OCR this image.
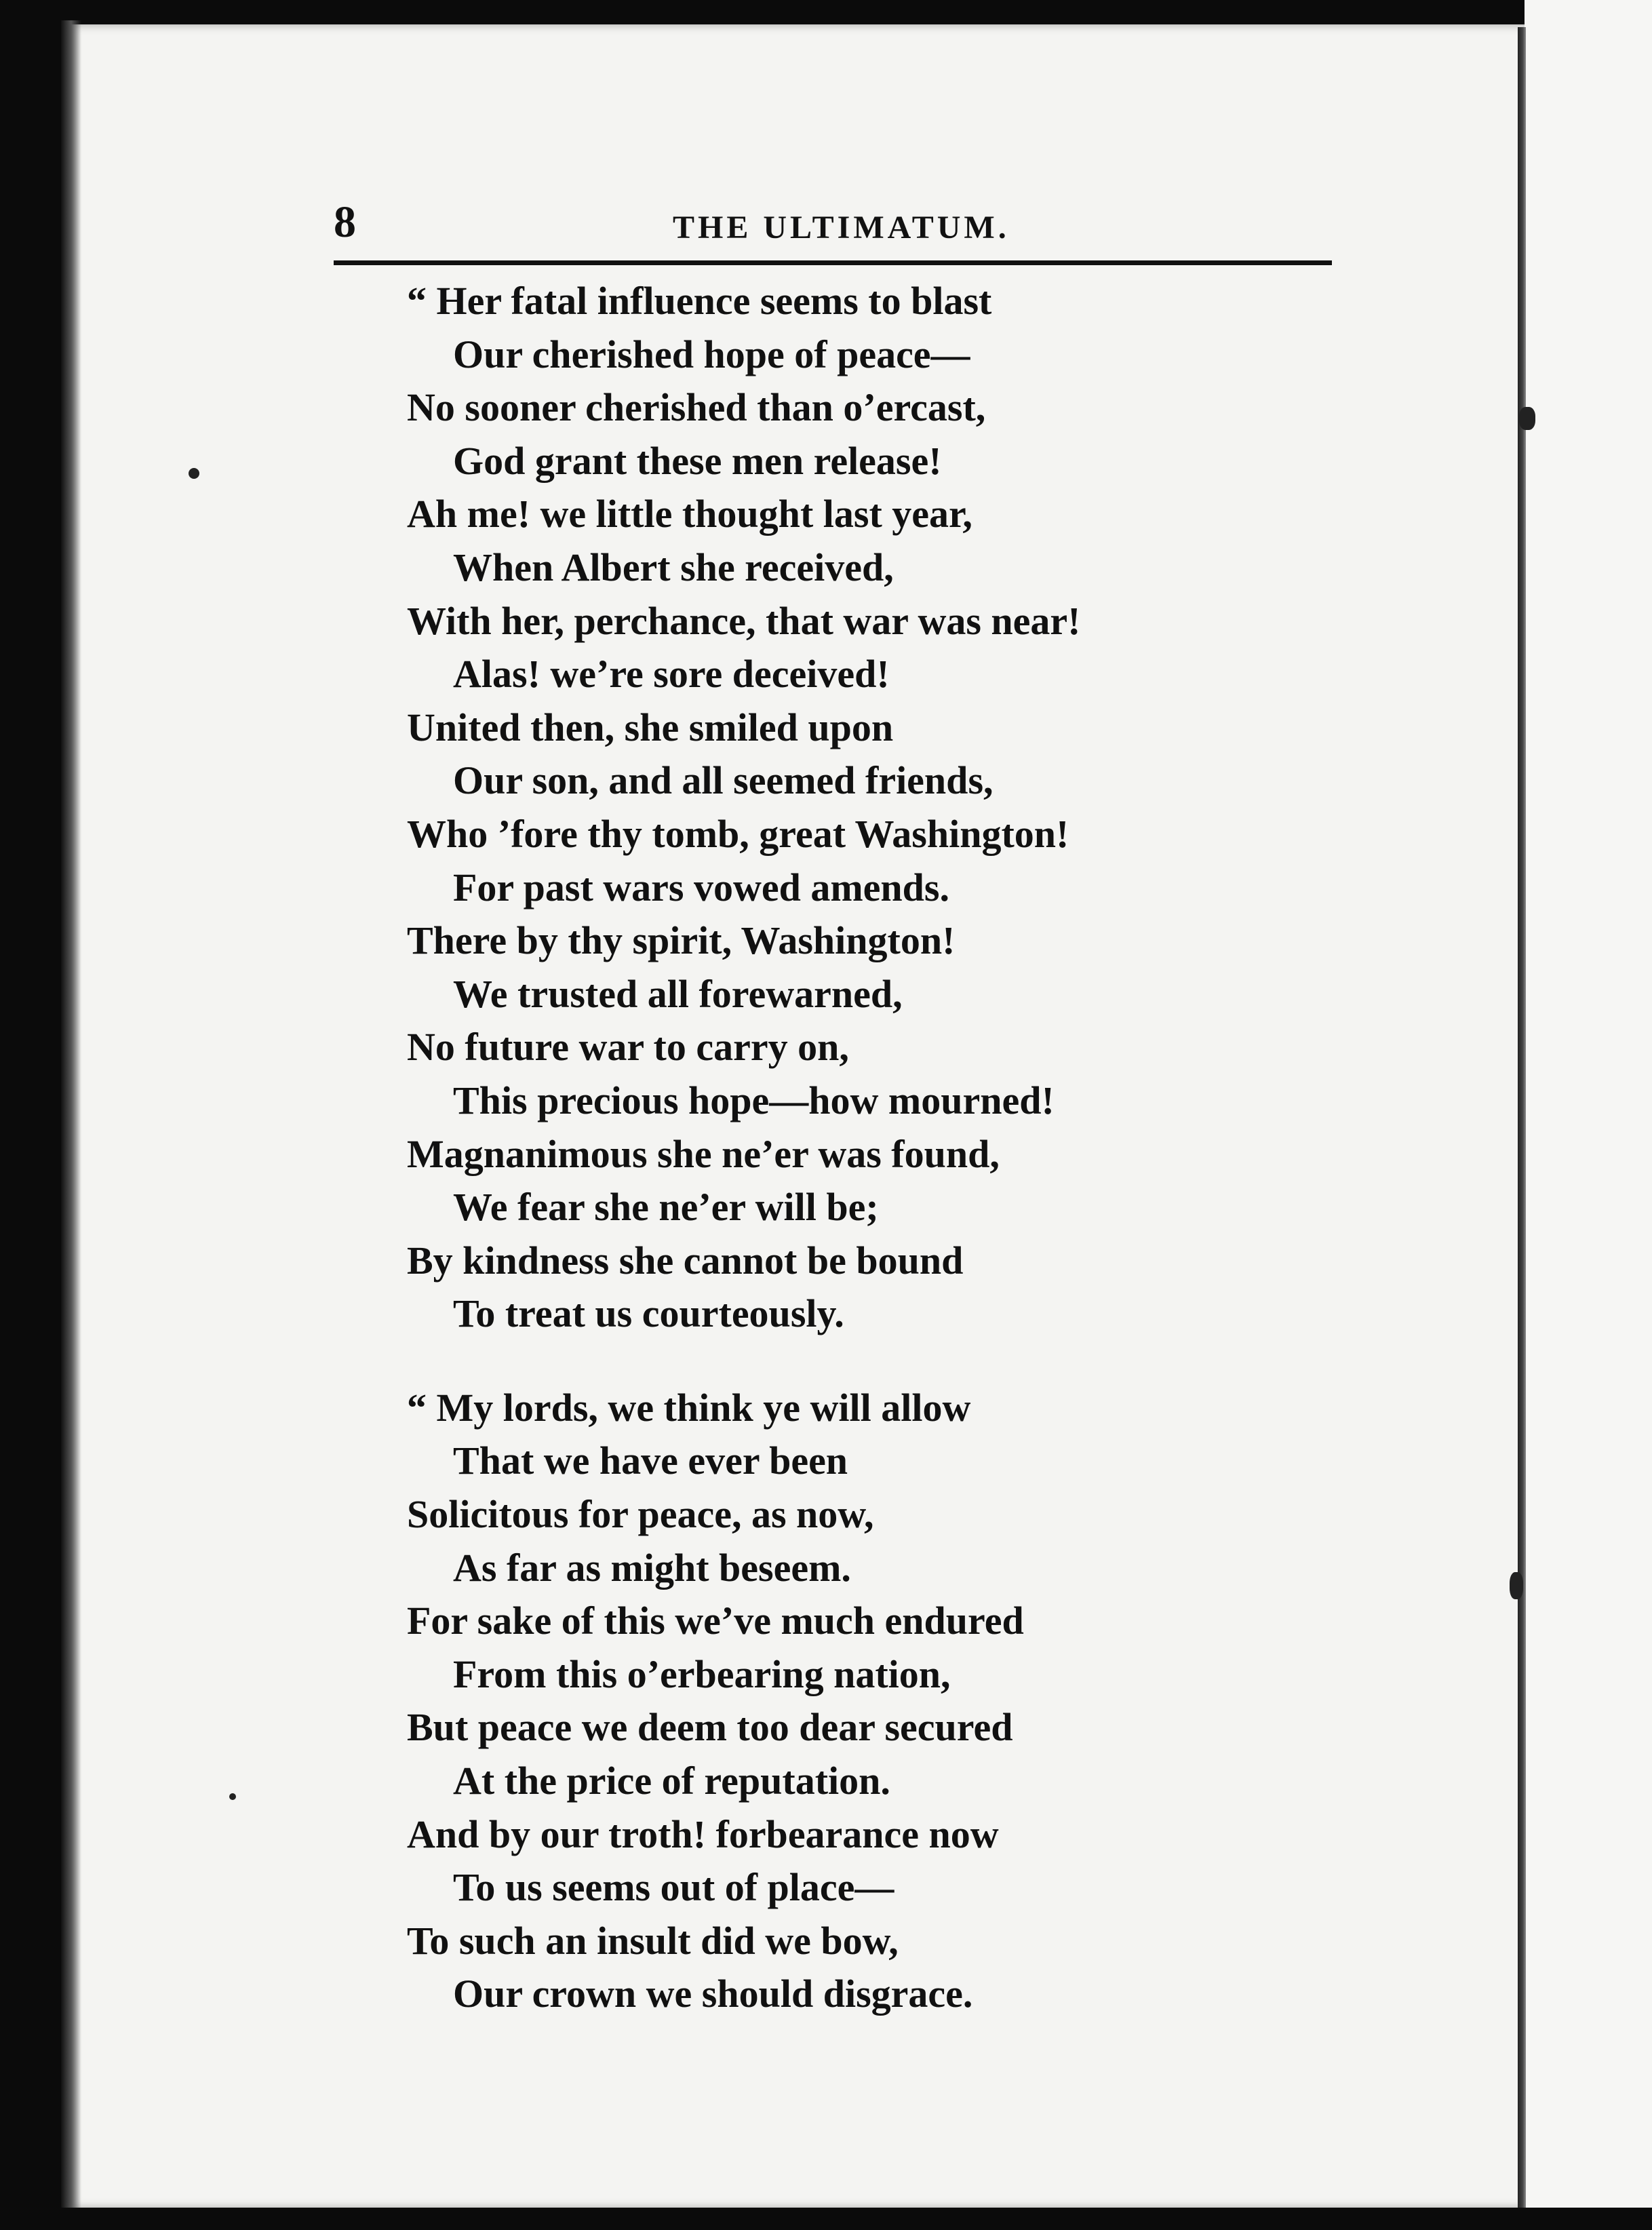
8	THE ULTIMATUM.
“ Her fatal influence seems to blast
Our cherished hope of peace—
No sooner cherished than o’ercast,
God grant these men release!
Ah me! we little thought last year,
When Albert she received,
With her, perchance, that war was near!
Alas! we’re sore deceived!
United then, she smiled upon
Our son, and all seemed friends,
Who ’fore thy tomb, great Washington!
For past wars vowed amends.
There by thy spirit, Washington!
We trusted all forewarned,
No future war to carry on,
This precious hope—how mourned!
Magnanimous she ne’er was found,
We fear she ne’er will be;
By kindness she cannot be bound
To treat us courteously.
“ My lords, we think ye will allow
That we have ever been
Solicitous for peace, as now,
As far as might beseem.
For sake of this we’ve much endured
From this o’erbearing nation,
But peace we deem too dear secured
At the price of reputation.
And by our troth! forbearance now
To us seems out of place—
To such an insult did we bow,
Our crown we should disgrace.
